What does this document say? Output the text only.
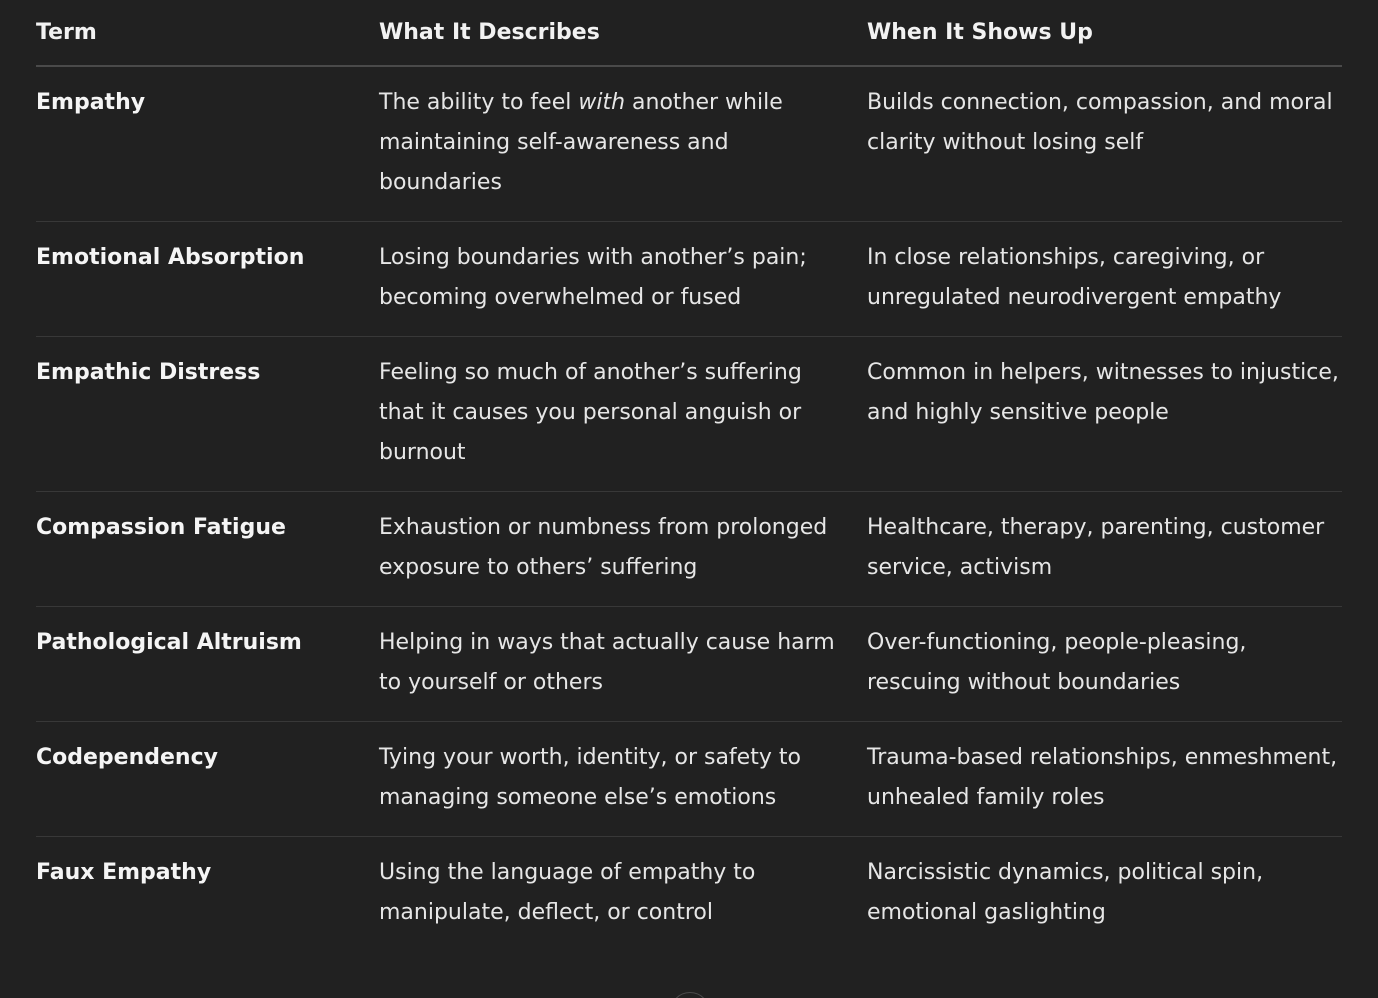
Term	What It Describes	When It Shows Up
Empathy	The ability to feel with another while maintaining self-awareness and boundaries	Builds connection, compassion, and moral clarity without losing self
Emotional Absorption	Losing boundaries with another’s pain; becoming overwhelmed or fused	In close relationships, caregiving, or unregulated neurodivergent empathy
Empathic Distress	Feeling so much of another’s suffering that it causes you personal anguish or burnout	Common in helpers, witnesses to injustice, and highly sensitive people
Compassion Fatigue	Exhaustion or numbness from prolonged exposure to others’ suffering	Healthcare, therapy, parenting, customer service, activism
Pathological Altruism	Helping in ways that actually cause harm to yourself or others	Over-functioning, people-pleasing, rescuing without boundaries
Codependency	Tying your worth, identity, or safety to managing someone else’s emotions	Trauma-based relationships, enmeshment, unhealed family roles
Faux Empathy	Using the language of empathy to manipulate, deflect, or control	Narcissistic dynamics, political spin, emotional gaslighting
